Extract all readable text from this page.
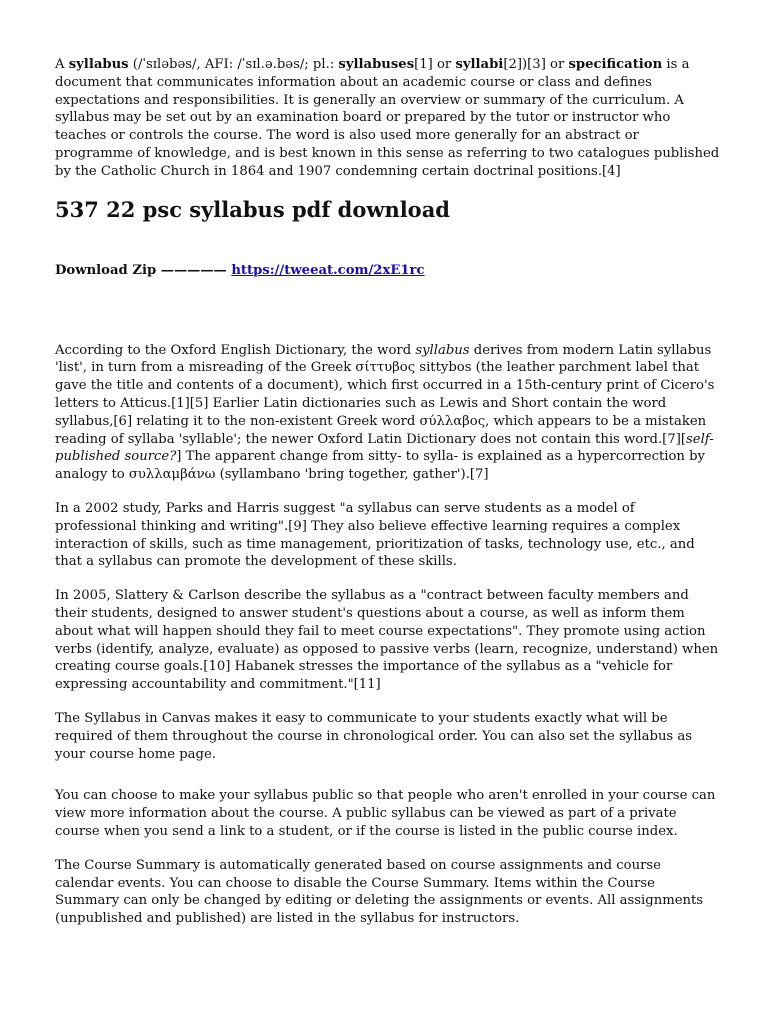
A syllabus (/ˈsɪləbəs/, AFI: /ˈsɪl.ə.bəs/; pl.: syllabuses[1] or syllabi[2])[3] or specification is a document that communicates information about an academic course or class and defines expectations and responsibilities. It is generally an overview or summary of the curriculum. A syllabus may be set out by an examination board or prepared by the tutor or instructor who teaches or controls the course. The word is also used more generally for an abstract or programme of knowledge, and is best known in this sense as referring to two catalogues published by the Catholic Church in 1864 and 1907 condemning certain doctrinal positions.[4]

537 22 psc syllabus pdf download
Download Zip ————— https://tweeat.com/2xE1rc

According to the Oxford English Dictionary, the word syllabus derives from modern Latin syllabus 'list', in turn from a misreading of the Greek σίττυβος sittybos (the leather parchment label that gave the title and contents of a document), which first occurred in a 15th-century print of Cicero's letters to Atticus.[1][5] Earlier Latin dictionaries such as Lewis and Short contain the word syllabus,[6] relating it to the non-existent Greek word σύλλαβος, which appears to be a mistaken reading of syllaba 'syllable'; the newer Oxford Latin Dictionary does not contain this word.[7][self-published source?] The apparent change from sitty- to sylla- is explained as a hypercorrection by analogy to συλλαμβάνω (syllambano 'bring together, gather').[7]

In a 2002 study, Parks and Harris suggest "a syllabus can serve students as a model of professional thinking and writing".[9] They also believe effective learning requires a complex interaction of skills, such as time management, prioritization of tasks, technology use, etc., and that a syllabus can promote the development of these skills.

In 2005, Slattery & Carlson describe the syllabus as a "contract between faculty members and their students, designed to answer student's questions about a course, as well as inform them about what will happen should they fail to meet course expectations". They promote using action verbs (identify, analyze, evaluate) as opposed to passive verbs (learn, recognize, understand) when creating course goals.[10] Habanek stresses the importance of the syllabus as a "vehicle for expressing accountability and commitment."[11]

The Syllabus in Canvas makes it easy to communicate to your students exactly what will be required of them throughout the course in chronological order. You can also set the syllabus as your course home page.

You can choose to make your syllabus public so that people who aren't enrolled in your course can view more information about the course. A public syllabus can be viewed as part of a private course when you send a link to a student, or if the course is listed in the public course index.

The Course Summary is automatically generated based on course assignments and course calendar events. You can choose to disable the Course Summary. Items within the Course Summary can only be changed by editing or deleting the assignments or events. All assignments (unpublished and published) are listed in the syllabus for instructors.
